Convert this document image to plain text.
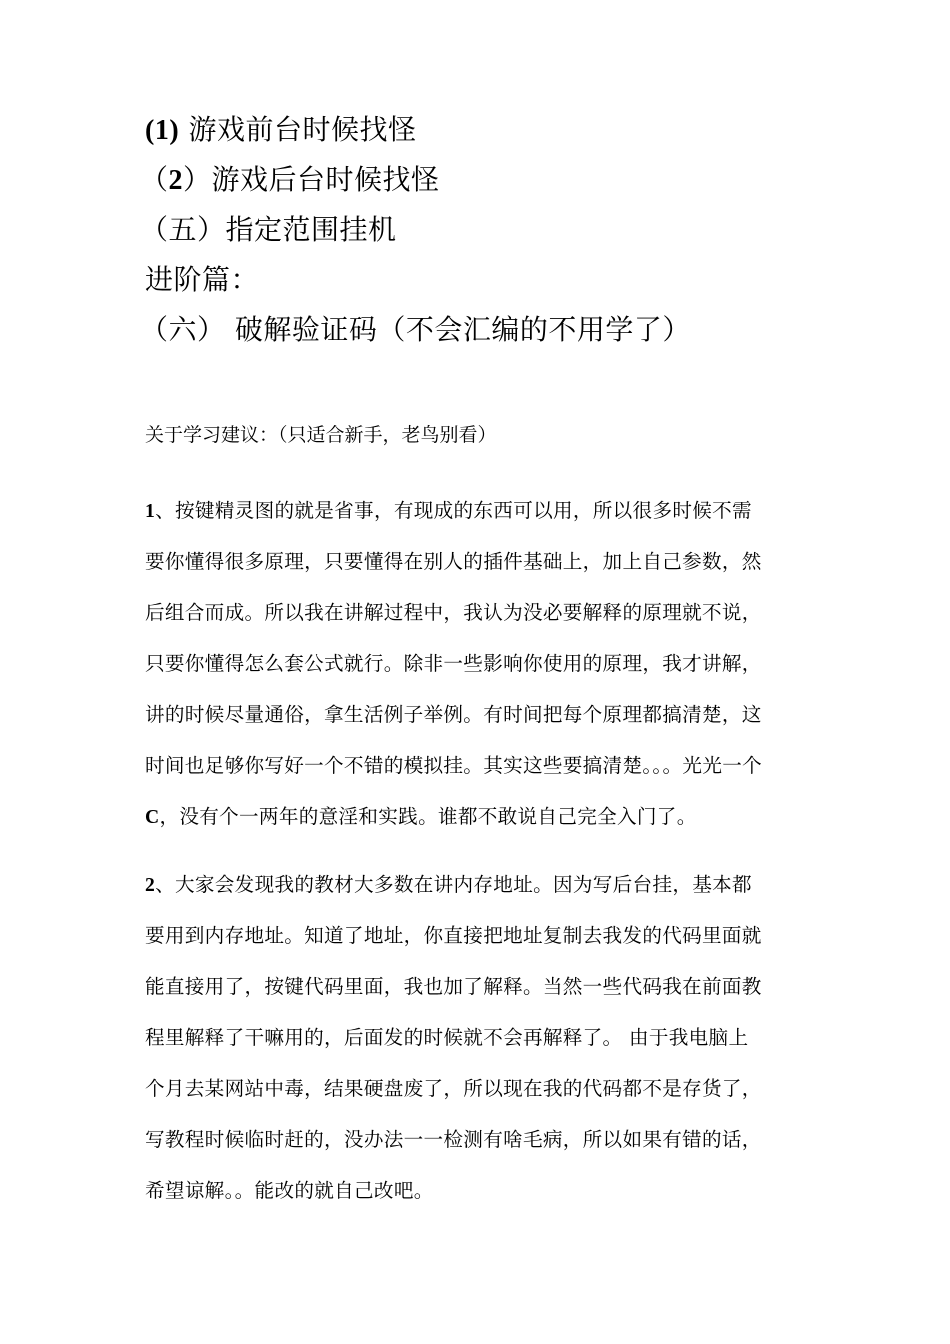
(1) 游戏前台时候找怪
（2）游戏后台时候找怪
（五）指定范围挂机
进阶篇：
（六） 破解验证码（不会汇编的不用学了）
关于学习建议：（只适合新手，老鸟别看）
1、按键精灵图的就是省事，有现成的东西可以用，所以很多时候不需
要你懂得很多原理，只要懂得在别人的插件基础上，加上自己参数，然
后组合而成。所以我在讲解过程中，我认为没必要解释的原理就不说，
只要你懂得怎么套公式就行。除非一些影响你使用的原理，我才讲解，
讲的时候尽量通俗，拿生活例子举例。有时间把每个原理都搞清楚，这
时间也足够你写好一个不错的模拟挂。其实这些要搞清楚。。。光光一个
C，没有个一两年的意淫和实践。谁都不敢说自己完全入门了。
2、大家会发现我的教材大多数在讲内存地址。因为写后台挂，基本都
要用到内存地址。知道了地址，你直接把地址复制去我发的代码里面就
能直接用了，按键代码里面，我也加了解释。当然一些代码我在前面教
程里解释了干嘛用的，后面发的时候就不会再解释了。 由于我电脑上
个月去某网站中毒，结果硬盘废了，所以现在我的代码都不是存货了，
写教程时候临时赶的，没办法一一检测有啥毛病，所以如果有错的话，
希望谅解。。能改的就自己改吧。
